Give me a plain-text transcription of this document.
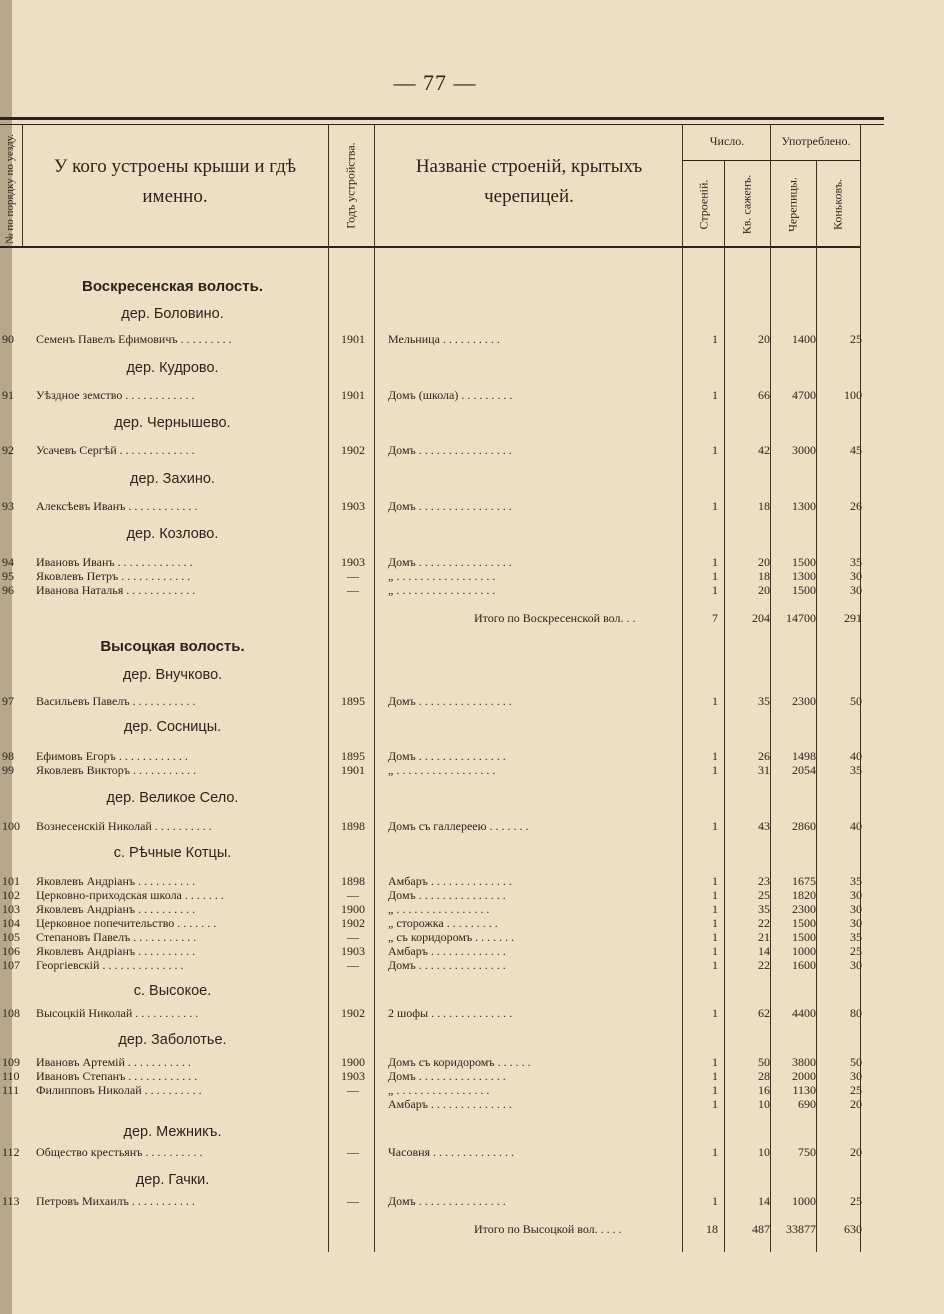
— 77 —
№ по порядку по уезду.	У кого устроены крыши и гдѣ именно.	Годъ устройства.	Названіе строеній, крытыхъ черепицей.
Число.	Употреблено.
Строеній. Кв. саженъ.	Черепицы.	Коньковъ.
Воскресенская волость.
дер. Боловино.
дер. Кудрово.
дер. Чернышево.
дер. Захино.
дер. Козлово.
Высоцкая волость.
дер. Внучково.
дер. Сосницы.
дер. Великое Село.
с. Рѣчные Котцы.
с. Высокое.
дер. Заболотье.
дер. Межникъ.
дер. Гачки.
90	Семенъ Павелъ Ефимовичъ . . . . . . . . .	1901	Мельница . . . . . . . . . .	1	20	1400	25
91	Уѣздное земство . . . . . . . . . . . .	1901	Домъ (школа) . . . . . . . . .	1	66	4700	100
92	Усачевъ Сергѣй . . . . . . . . . . . . .	1902	Домъ . . . . . . . . . . . . . . . .	1	42	3000	45
93	Алексѣевъ Иванъ . . . . . . . . . . . .	1903	Домъ . . . . . . . . . . . . . . . .	1	18	1300	26
94	Ивановъ Иванъ . . . . . . . . . . . . .	1903	Домъ . . . . . . . . . . . . . . . .	1	20	1500	35
95	Яковлевъ Петръ . . . . . . . . . . . .	—	„ . . . . . . . . . . . . . . . . .	1	18	1300	30
96	Иванова Наталья . . . . . . . . . . . .	—	„ . . . . . . . . . . . . . . . . .	1	20	1500	30
Итого по Воскресенской вол. . .	7	204	14700	291
97	Васильевъ Павелъ . . . . . . . . . . .	1895	Домъ . . . . . . . . . . . . . . . .	1	35	2300	50
98	Ефимовъ Егоръ . . . . . . . . . . . .	1895	Домъ . . . . . . . . . . . . . . .	1	26	1498	40
99	Яковлевъ Викторъ . . . . . . . . . . .	1901	„ . . . . . . . . . . . . . . . . .	1	31	2054	35
100 Вознесенскій Николай . . . . . . . . . .	1898	Домъ съ галлереею . . . . . . .	1	43	2860	40
101 Яковлевъ Андріанъ . . . . . . . . . .	1898	Амбаръ . . . . . . . . . . . . . .	1	23	1675	35
102 Церковно-приходская школа . . . . . . .	—	Домъ . . . . . . . . . . . . . . .	1	25	1820	30
103 Яковлевъ Андріанъ . . . . . . . . . .	1900	„ . . . . . . . . . . . . . . . .	1	35	2300	30
104 Церковное попечительство . . . . . . .	1902	„ сторожка . . . . . . . . .	1	22	1500	30
105 Степановъ Павелъ . . . . . . . . . . .	—	„ съ коридоромъ . . . . . . .	1	21	1500	35
106 Яковлевъ Андріанъ . . . . . . . . . .	1903	Амбаръ . . . . . . . . . . . . .	1	14	1000	25
107 Георгіевскій . . . . . . . . . . . . . .	—	Домъ . . . . . . . . . . . . . . .	1	22	1600	30
108 Высоцкій Николай . . . . . . . . . . .	1902	2 шофы . . . . . . . . . . . . . .	1	62	4400	80
109 Ивановъ Артемій . . . . . . . . . . .	1900	Домъ съ коридоромъ . . . . . .	1	50	3800	50
110 Ивановъ Степанъ . . . . . . . . . . . .	1903	Домъ . . . . . . . . . . . . . . .	1	28	2000	30
111 Филипповъ Николай . . . . . . . . . .	—	„ . . . . . . . . . . . . . . . .	1	16	1130	25
Амбаръ . . . . . . . . . . . . . .	1	10	690	20
112 Общество крестьянъ . . . . . . . . . .	—	Часовня . . . . . . . . . . . . . .	1	10	750	20
113 Петровъ Михаилъ . . . . . . . . . . .	—	Домъ . . . . . . . . . . . . . . .	1	14	1000	25
Итого по Высоцкой вол. . . . .	18	487	33877	630
